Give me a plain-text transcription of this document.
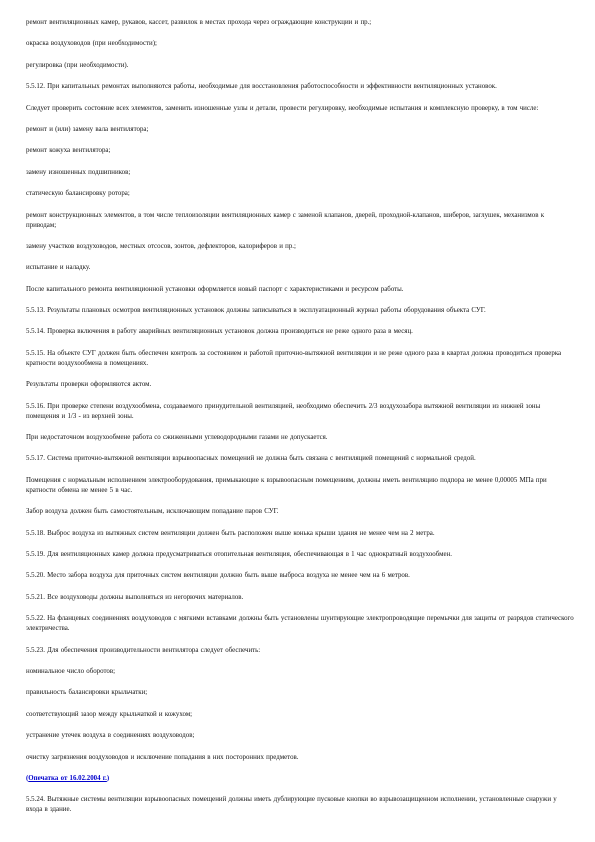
ремонт вентиляционных камер, рукавов, кассет, развилок в местах прохода через ограждающие конструкции и пр.;

окраска воздуховодов (при необходимости);

регулировка (при необходимости).

5.5.12. При капитальных ремонтах выполняются работы, необходимые для восстановления работоспособности и эффективности вентиляционных установок.

Следует проверить состояние всех элементов, заменить изношенные узлы и детали, провести регулировку, необходимые испытания и комплексную проверку, в том числе:

ремонт и (или) замену вала вентилятора;

ремонт кожуха вентилятора;

замену изношенных подшипников;

статическую балансировку ротора;

ремонт конструкционных элементов, в том числе теплоизоляции вентиляционных камер с заменой клапанов, дверей, проходной-клапанов, шиберов, заглушек, механизмов к приводам;

замену участков воздуховодов, местных отсосов, зонтов, дефлекторов, калориферов и пр.;

испытание и наладку.

После капитального ремонта вентиляционной установки оформляется новый паспорт с характеристиками и ресурсом работы.

5.5.13. Результаты плановых осмотров вентиляционных установок должны записываться в эксплуатационный журнал работы оборудования объекта СУГ.

5.5.14. Проверка включения в работу аварийных вентиляционных установок должна производиться не реже одного раза в месяц.

5.5.15. На объекте СУГ должен быть обеспечен контроль за состоянием и работой приточно-вытяжной вентиляции и не реже одного раза в квартал должна проводиться проверка кратности воздухообмена в помещениях.

Результаты проверки оформляются актом.

5.5.16. При проверке степени воздухообмена, создаваемого принудительной вентиляцией, необходимо обеспечить 2/3 воздухозабора вытяжной вентиляции из нижней зоны помещения и 1/3 - из верхней зоны.

При недостаточном воздухообмене работа со сжиженными углеводородными газами не допускается.

5.5.17. Система приточно-вытяжной вентиляции взрывоопасных помещений не должна быть связана с вентиляцией помещений с нормальной средой.

Помещения с нормальным исполнением электрооборудования, примыкающие к взрывоопасным помещениям, должны иметь вентиляцию подпора не менее 0,00005 МПа при кратности обмена не менее 5 в час.

Забор воздуха должен быть самостоятельным, исключающим попадание паров СУГ.

5.5.18. Выброс воздуха из вытяжных систем вентиляции должен быть расположен выше конька крыши здания не менее чем на 2 метра.

5.5.19. Для вентиляционных камер должна предусматриваться отопительная вентиляция, обеспечивающая в 1 час однократный воздухообмен.

5.5.20. Место забора воздуха для приточных систем вентиляции должно быть выше выброса воздуха не менее чем на 6 метров.

5.5.21. Все воздуховоды должны выполняться из негорючих материалов.

5.5.22. На фланцевых соединениях воздуховодов с мягкими вставками должны быть установлены шунтирующие электропроводящие перемычки для защиты от разрядов статического электричества.

5.5.23. Для обеспечения производительности вентилятора следует обеспечить:

номинальное число оборотов;

правильность балансировки крыльчатки;

соответствующий зазор между крыльчаткой и кожухом;

устранение утечек воздуха в соединениях воздуховодов;

очистку загрязнения воздуховодов и исключение попадания в них посторонних предметов.

(Опечатка от 16.02.2004 г.)

5.5.24. Вытяжные системы вентиляции взрывоопасных помещений должны иметь дублирующие пусковые кнопки во взрывозащищенном исполнении, установленные снаружи у входа в здание.
